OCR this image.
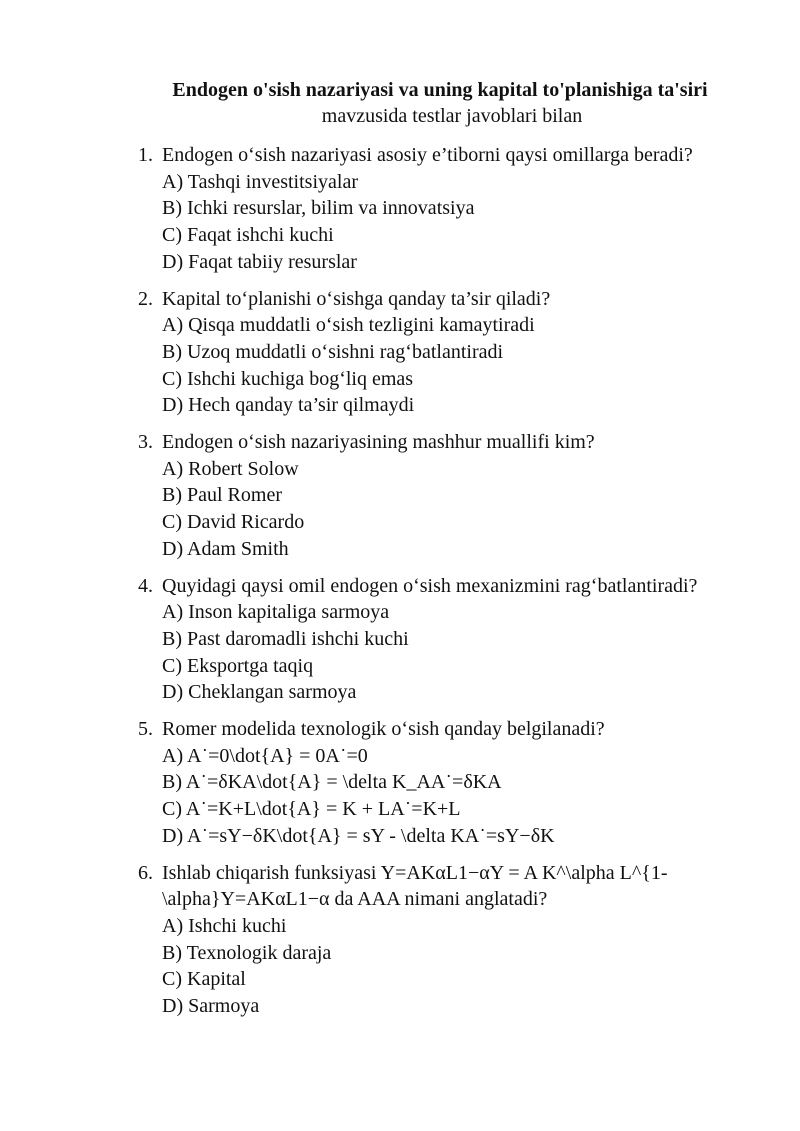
Endogen o'sish nazariyasi va uning kapital to'planishiga ta'siri
mavzusida testlar javoblari bilan
1. Endogen o‘sish nazariyasi asosiy e’tiborni qaysi omillarga beradi?
A) Tashqi investitsiyalar
B) Ichki resurslar, bilim va innovatsiya
C) Faqat ishchi kuchi
D) Faqat tabiiy resurslar
2. Kapital to‘planishi o‘sishga qanday ta’sir qiladi?
A) Qisqa muddatli o‘sish tezligini kamaytiradi
B) Uzoq muddatli o‘sishni rag‘batlantiradi
C) Ishchi kuchiga bog‘liq emas
D) Hech qanday ta’sir qilmaydi
3. Endogen o‘sish nazariyasining mashhur muallifi kim?
A) Robert Solow
B) Paul Romer
C) David Ricardo
D) Adam Smith
4. Quyidagi qaysi omil endogen o‘sish mexanizmini rag‘batlantiradi?
A) Inson kapitaliga sarmoya
B) Past daromadli ishchi kuchi
C) Eksportga taqiq
D) Cheklangan sarmoya
5. Romer modelida texnologik o‘sish qanday belgilanadi?
A) A˙=0\dot{A} = 0A˙=0
B) A˙=δKA\dot{A} = \delta K_AA˙=δKA
C) A˙=K+L\dot{A} = K + LA˙=K+L
D) A˙=sY−δK\dot{A} = sY - \delta KA˙=sY−δK
6. Ishlab chiqarish funksiyasi Y=AKαL1−αY = A K^\alpha L^{1-\alpha}Y=AKαL1−α da AAA nimani anglatadi?
A) Ishchi kuchi
B) Texnologik daraja
C) Kapital
D) Sarmoya
